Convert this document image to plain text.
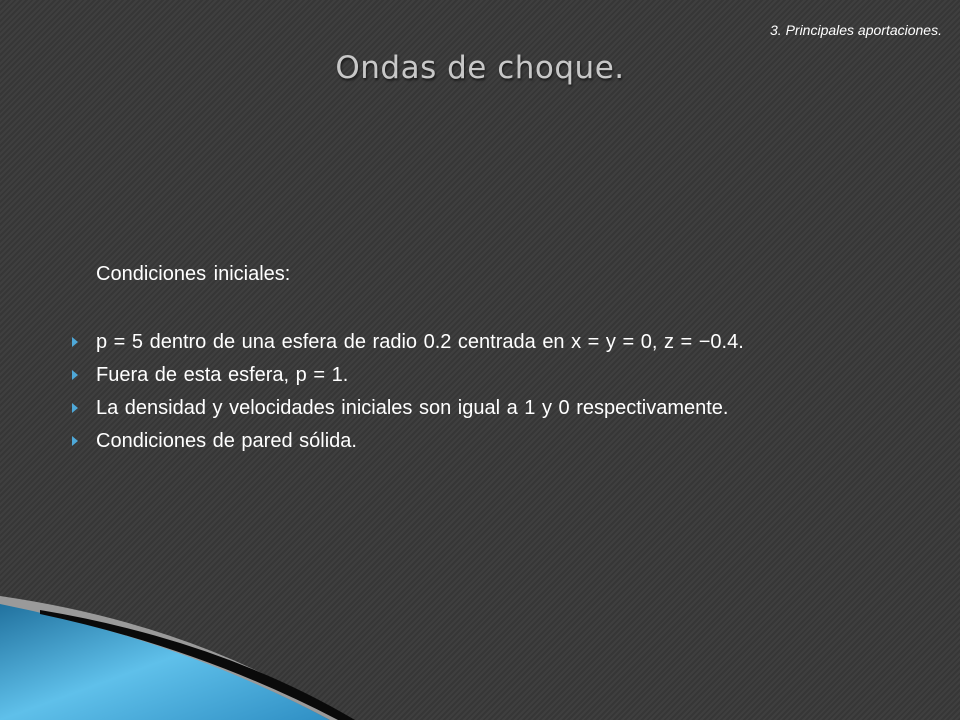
3. Principales aportaciones.
Ondas de choque.
Condiciones iniciales:
p = 5 dentro de una esfera de radio 0.2 centrada en x = y = 0, z = −0.4.
Fuera de esta esfera, p = 1.
La densidad y velocidades iniciales son igual a 1 y 0 respectivamente.
Condiciones de pared sólida.
